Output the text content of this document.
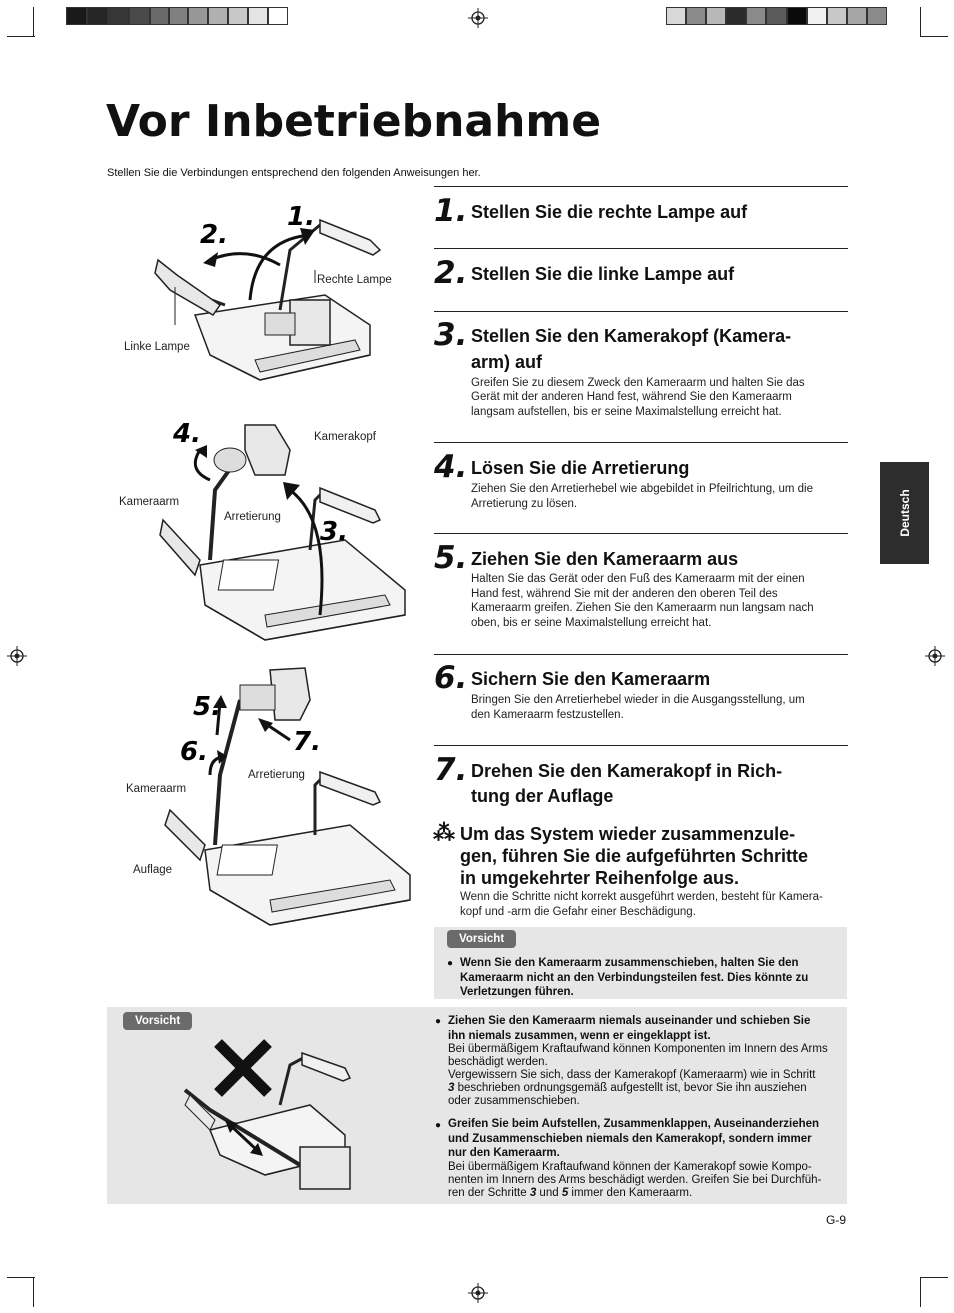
Vor Inbetriebnahme
Stellen Sie die Verbindungen entsprechend den folgenden Anweisungen her.
Deutsch
1. Stellen Sie die rechte Lampe auf
2. Stellen Sie die linke Lampe auf
3. Stellen Sie den Kamerakopf (Kamera-
arm) auf
Greifen Sie zu diesem Zweck den Kameraarm und halten Sie das
Gerät mit der anderen Hand fest, während Sie den Kameraarm
langsam aufstellen, bis er seine Maximalstellung erreicht hat.
4. Lösen Sie die Arretierung
Ziehen Sie den Arretierhebel wie abgebildet in Pfeilrichtung, um die
Arretierung zu lösen.
5. Ziehen Sie den Kameraarm aus
Halten Sie das Gerät oder den Fuß des Kameraarm mit der einen
Hand fest, während Sie mit der anderen den oberen Teil des
Kameraarm greifen. Ziehen Sie den Kameraarm nun langsam nach
oben, bis er seine Maximalstellung erreicht hat.
6. Sichern Sie den Kameraarm
Bringen Sie den Arretierhebel wieder in die Ausgangsstellung, um
den Kameraarm festzustellen.
7. Drehen Sie den Kamerakopf in Rich-
tung der Auflage
⁂ Um das System wieder zusammenzule-
gen, führen Sie die aufgeführten Schritte
in umgekehrter Reihenfolge aus.
Wenn die Schritte nicht korrekt ausgeführt werden, besteht für Kamera-
kopf und -arm die Gefahr einer Beschädigung.
Vorsicht
● Wenn Sie den Kameraarm zusammenschieben, halten Sie den
Kameraarm nicht an den Verbindungsteilen fest. Dies könnte zu
Verletzungen führen.
Vorsicht	● Ziehen Sie den Kameraarm niemals auseinander und schieben Sie
ihn niemals zusammen, wenn er eingeklappt ist.
Bei übermäßigem Kraftaufwand können Komponenten im Innern des Arms
beschädigt werden.
Vergewissern Sie sich, dass der Kamerakopf (Kameraarm) wie in Schritt
3 beschrieben ordnungsgemäß aufgestellt ist, bevor Sie ihn ausziehen
oder zusammenschieben.
● Greifen Sie beim Aufstellen, Zusammenklappen, Auseinanderziehen
und Zusammenschieben niemals den Kamerakopf, sondern immer
nur den Kameraarm.
Bei übermäßigem Kraftaufwand können der Kamerakopf sowie Kompo-
nenten im Innern des Arms beschädigt werden. Greifen Sie bei Durchfüh-
ren der Schritte 3 und 5 immer den Kameraarm.
G-9
1.
2.
Rechte Lampe
Linke Lampe
4.
3.
Kamerakopf
Kameraarm
Arretierung
5.
6.	7.
Arretierung
Kameraarm
Auflage
